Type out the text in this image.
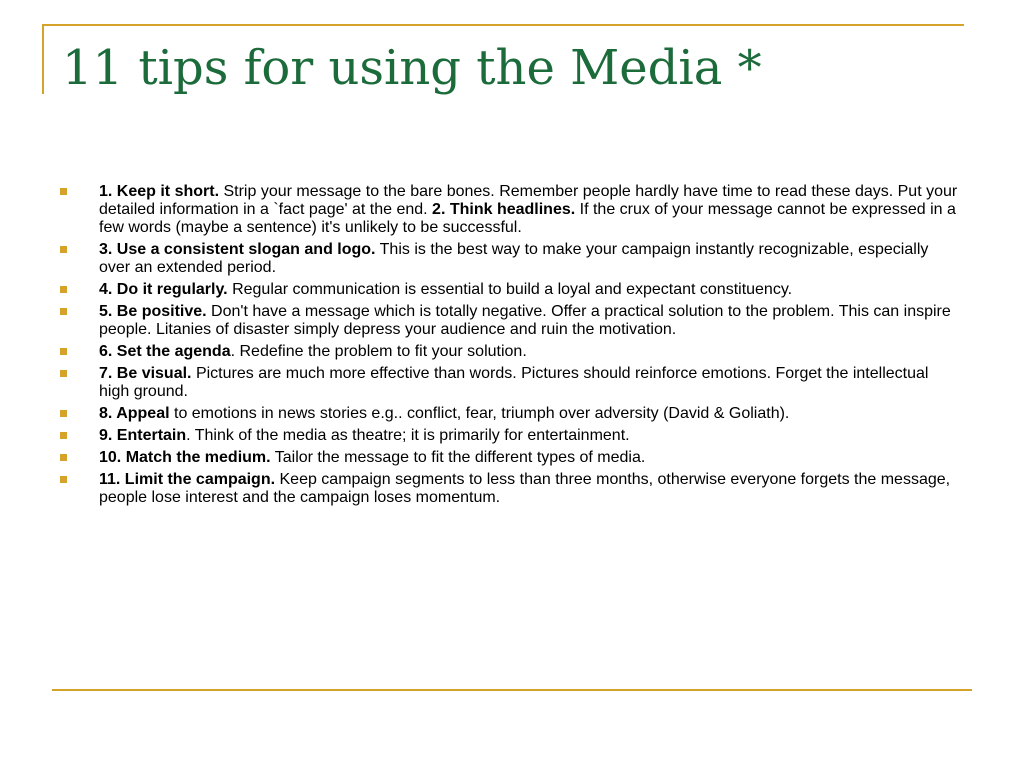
11 tips for using the Media *
1. Keep it short. Strip your message to the bare bones. Remember people hardly have time to read these days. Put your detailed information in a `fact page' at the end. 2. Think headlines. If the crux of your message cannot be expressed in a few words (maybe a sentence) it's unlikely to be successful.
3. Use a consistent slogan and logo. This is the best way to make your campaign instantly recognizable, especially over an extended period.
4. Do it regularly. Regular communication is essential to build a loyal and expectant constituency.
5. Be positive. Don't have a message which is totally negative. Offer a practical solution to the problem. This can inspire people. Litanies of disaster simply depress your audience and ruin the motivation.
6. Set the agenda. Redefine the problem to fit your solution.
7. Be visual. Pictures are much more effective than words. Pictures should reinforce emotions. Forget the intellectual high ground.
8. Appeal to emotions in news stories e.g.. conflict, fear, triumph over adversity (David & Goliath).
9. Entertain. Think of the media as theatre; it is primarily for entertainment.
10. Match the medium. Tailor the message to fit the different types of media.
11. Limit the campaign. Keep campaign segments to less than three months, otherwise everyone forgets the message, people lose interest and the campaign loses momentum.
